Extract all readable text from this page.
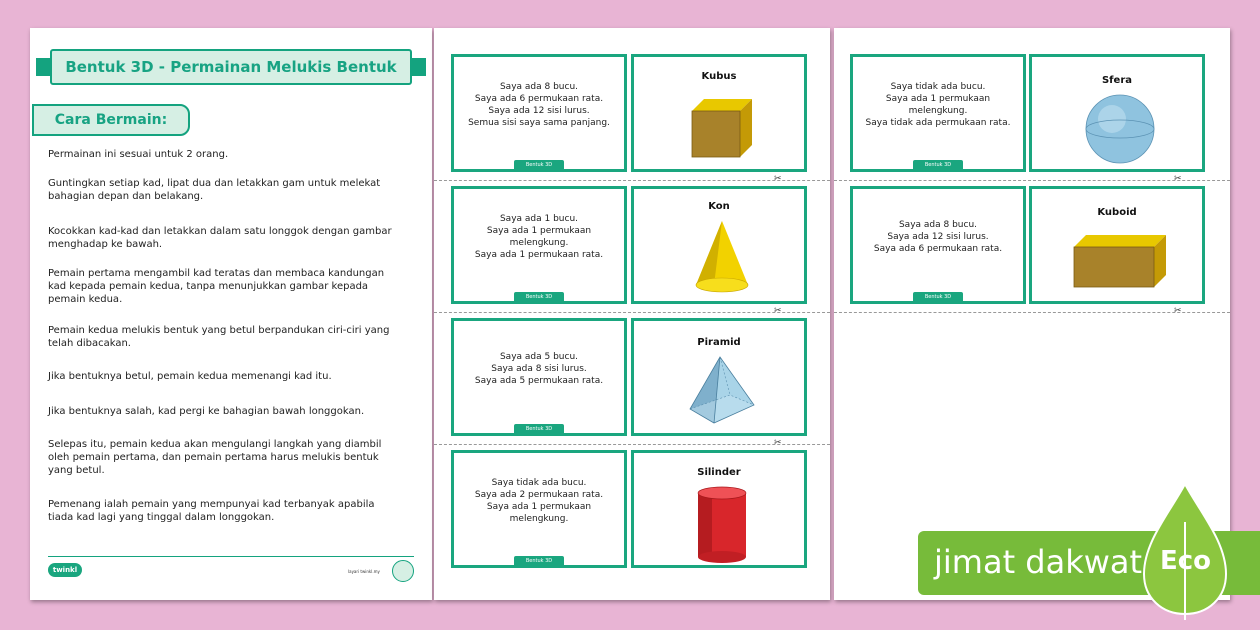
Bentuk 3D - Permainan Melukis Bentuk
Cara Bermain:

Permainan ini sesuai untuk 2 orang.

Guntingkan setiap kad, lipat dua dan letakkan gam untuk melekat bahagian depan dan belakang.

Kocokkan kad-kad dan letakkan dalam satu longgok dengan gambar menghadap ke bawah.

Pemain pertama mengambil kad teratas dan membaca kandungan kad kepada pemain kedua, tanpa menunjukkan gambar kepada pemain kedua.

Pemain kedua melukis bentuk yang betul berpandukan ciri-ciri yang telah dibacakan.

Jika bentuknya betul, pemain kedua memenangi kad itu.

Jika bentuknya salah, kad pergi ke bahagian bawah longgokan.

Selepas itu, pemain kedua akan mengulangi langkah yang diambil oleh pemain pertama, dan pemain pertama harus melukis bentuk yang betul.

Pemenang ialah pemain yang mempunyai kad terbanyak apabila tiada kad lagi yang tinggal dalam longgokan.

twinkl	layari twinkl.my
Saya ada 8 bucu.
Saya ada 6 permukaan rata.
Saya ada 12 sisi lurus.
Semua sisi saya sama panjang.
Bentuk 3D
Kubus
Saya ada 1 bucu.
Saya ada 1 permukaan melengkung.
Saya ada 1 permukaan rata.
Bentuk 3D
Kon
Saya ada 5 bucu.
Saya ada 8 sisi lurus.
Saya ada 5 permukaan rata.
Bentuk 3D
Piramid
Saya tidak ada bucu.
Saya ada 2 permukaan rata.
Saya ada 1 permukaan melengkung.
Bentuk 3D
Silinder
✂
✂
✂
Saya tidak ada bucu.
Saya ada 1 permukaan melengkung.
Saya tidak ada permukaan rata.
Bentuk 3D
Sfera
Saya ada 8 bucu.
Saya ada 12 sisi lurus.
Saya ada 6 permukaan rata.
Bentuk 3D
Kuboid
✂
✂
jimat dakwat Eco
